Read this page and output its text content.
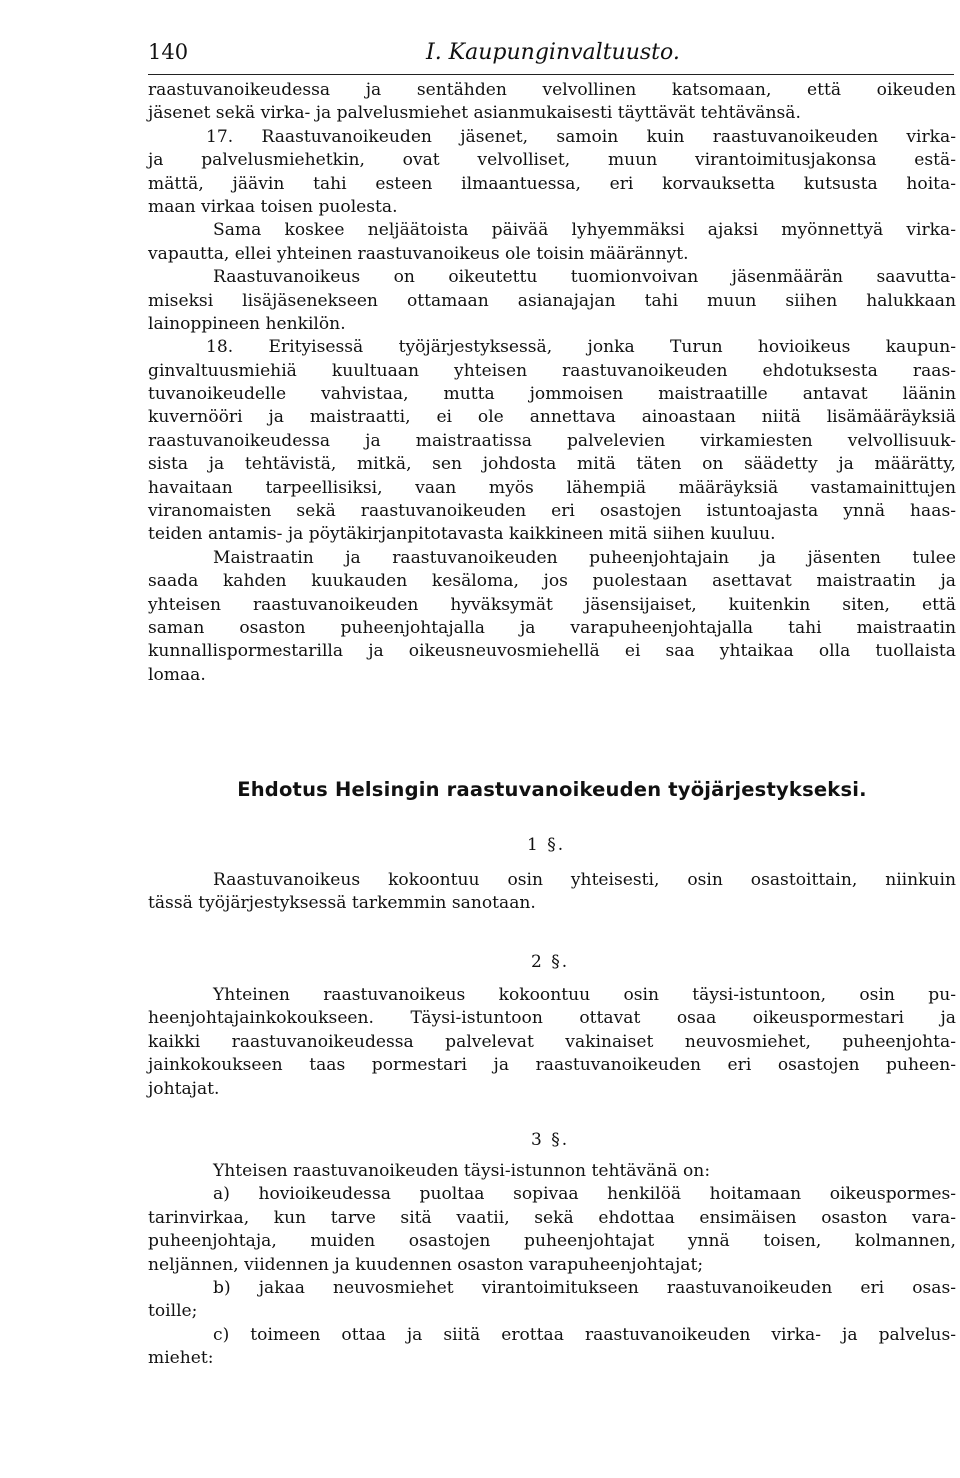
140	I. Kaupunginvaltuusto.
raastuvanoikeudessa ja sentähden velvollinen katsomaan, että oikeuden
jäsenet sekä virka- ja palvelusmiehet asianmukaisesti täyttävät tehtävänsä.
17. Raastuvanoikeuden jäsenet, samoin kuin raastuvanoikeuden virka-
ja palvelusmiehetkin, ovat velvolliset, muun virantoimitusjakonsa estä-
mättä, jäävin tahi esteen ilmaantuessa, eri korvauksetta kutsusta hoita-
maan virkaa toisen puolesta.
Sama koskee neljäätoista päivää lyhyemmäksi ajaksi myönnettyä virka-
vapautta, ellei yhteinen raastuvanoikeus ole toisin määrännyt.
Raastuvanoikeus on oikeutettu tuomionvoivan jäsenmäärän saavutta-
miseksi lisäjäsenekseen ottamaan asianajajan tahi muun siihen halukkaan
lainoppineen henkilön.
18. Erityisessä työjärjestyksessä, jonka Turun hovioikeus kaupun-
ginvaltuusmiehiä kuultuaan yhteisen raastuvanoikeuden ehdotuksesta raas-
tuvanoikeudelle vahvistaa, mutta jommoisen maistraatille antavat läänin
kuvernööri ja maistraatti, ei ole annettava ainoastaan niitä lisämääräyksiä
raastuvanoikeudessa ja maistraatissa palvelevien virkamiesten velvollisuuk-
sista ja tehtävistä, mitkä, sen johdosta mitä täten on säädetty ja määrätty,
havaitaan tarpeellisiksi, vaan myös lähempiä määräyksiä vastamainittujen
viranomaisten sekä raastuvanoikeuden eri osastojen istuntoajasta ynnä haas-
teiden antamis- ja pöytäkirjanpitotavasta kaikkineen mitä siihen kuuluu.
Maistraatin ja raastuvanoikeuden puheenjohtajain ja jäsenten tulee
saada kahden kuukauden kesäloma, jos puolestaan asettavat maistraatin ja
yhteisen raastuvanoikeuden hyväksymät jäsensijaiset, kuitenkin siten, että
saman osaston puheenjohtajalla ja varapuheenjohtajalla tahi maistraatin
kunnallispormestarilla ja oikeusneuvosmiehellä ei saa yhtaikaa olla tuollaista
lomaa.
Ehdotus Helsingin raastuvanoikeuden työjärjestykseksi.
1 §.
Raastuvanoikeus kokoontuu osin yhteisesti, osin osastoittain, niinkuin
tässä työjärjestyksessä tarkemmin sanotaan.
2 §.
Yhteinen raastuvanoikeus kokoontuu osin täysi-istuntoon, osin pu-
heenjohtajainkokoukseen. Täysi-istuntoon ottavat osaa oikeuspormestari ja
kaikki raastuvanoikeudessa palvelevat vakinaiset neuvosmiehet, puheenjohta-
jainkokoukseen taas pormestari ja raastuvanoikeuden eri osastojen puheen-
johtajat.
3 §.
Yhteisen raastuvanoikeuden täysi-istunnon tehtävänä on:
a) hovioikeudessa puoltaa sopivaa henkilöä hoitamaan oikeuspormes-
tarinvirkaa, kun tarve sitä vaatii, sekä ehdottaa ensimäisen osaston vara-
puheenjohtaja, muiden osastojen puheenjohtajat ynnä toisen, kolmannen,
neljännen, viidennen ja kuudennen osaston varapuheenjohtajat;
b) jakaa neuvosmiehet virantoimitukseen raastuvanoikeuden eri osas-
toille;
c) toimeen ottaa ja siitä erottaa raastuvanoikeuden virka- ja palvelus-
miehet:
